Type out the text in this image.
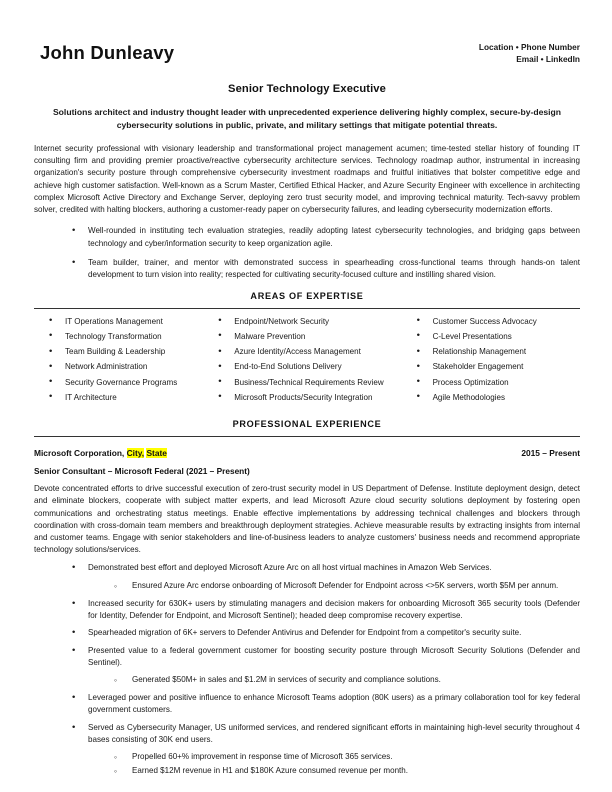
John Dunleavy	Location • Phone Number
Email • LinkedIn
Senior Technology Executive
Solutions architect and industry thought leader with unprecedented experience delivering highly complex, secure-by-design cybersecurity solutions in public, private, and military settings that mitigate potential threats.
Internet security professional with visionary leadership and transformational project management acumen; time-tested stellar history of founding IT consulting firm and providing premier proactive/reactive cybersecurity architecture services. Technology roadmap author, instrumental in increasing organization's security posture through comprehensive cybersecurity investment roadmaps and fruitful initiatives that bolster competitive edge and achieve high customer satisfaction. Well-known as a Scrum Master, Certified Ethical Hacker, and Azure Security Engineer with excellence in architecting complex Microsoft Active Directory and Exchange Server, deploying zero trust security model, and improving technical maturity. Tech-savvy problem solver, credited with halting blockers, authoring a customer-ready paper on cybersecurity failures, and leading cybersecurity modernization efforts.
• Well-rounded in instituting tech evaluation strategies, readily adopting latest cybersecurity technologies, and bridging gaps between technology and cyber/information security to keep organization agile.
• Team builder, trainer, and mentor with demonstrated success in spearheading cross-functional teams through hands-on talent development to turn vision into reality; respected for cultivating security-focused culture and instilling shared vision.
AREAS OF EXPERTISE
• IT Operations Management
• Technology Transformation
• Team Building & Leadership
• Network Administration
• Security Governance Programs
• IT Architecture
• Endpoint/Network Security
• Malware Prevention
• Azure Identity/Access Management
• End-to-End Solutions Delivery
• Business/Technical Requirements Review
• Microsoft Products/Security Integration
• Customer Success Advocacy
• C-Level Presentations
• Relationship Management
• Stakeholder Engagement
• Process Optimization
• Agile Methodologies
PROFESSIONAL EXPERIENCE
Microsoft Corporation, City, State	2015 – Present
Senior Consultant – Microsoft Federal (2021 – Present)
Devote concentrated efforts to drive successful execution of zero-trust security model in US Department of Defense. Institute deployment design, detect and eliminate blockers, cooperate with subject matter experts, and lead Microsoft Azure cloud security solutions deployment by fostering open communications and orchestrating status meetings. Enable effective implementations by addressing technical challenges and blockers through coordination with cross-domain team members and breakthrough deployment strategies. Achieve measurable results by extracting insights from internal and customer teams. Engage with senior stakeholders and line-of-business leaders to analyze customers' business needs and recommend appropriate technology solutions/services.
• Demonstrated best effort and deployed Microsoft Azure Arc on all host virtual machines in Amazon Web Services.
◦ Ensured Azure Arc endorse onboarding of Microsoft Defender for Endpoint across <>5K servers, worth $5M per annum.
• Increased security for 630K+ users by stimulating managers and decision makers for onboarding Microsoft 365 security tools (Defender for Identity, Defender for Endpoint, and Microsoft Sentinel); headed deep compromise recovery expertise.
• Spearheaded migration of 6K+ servers to Defender Antivirus and Defender for Endpoint from a competitor's security suite.
• Presented value to a federal government customer for boosting security posture through Microsoft Security Solutions (Defender and Sentinel).
◦ Generated $50M+ in sales and $1.2M in services of security and compliance solutions.
• Leveraged power and positive influence to enhance Microsoft Teams adoption (80K users) as a primary collaboration tool for key federal government customers.
• Served as Cybersecurity Manager, US uniformed services, and rendered significant efforts in maintaining high-level security throughout 4 bases consisting of 30K end users.
◦ Propelled 60+% improvement in response time of Microsoft 365 services.
◦ Earned $12M revenue in H1 and $180K Azure consumed revenue per month.
